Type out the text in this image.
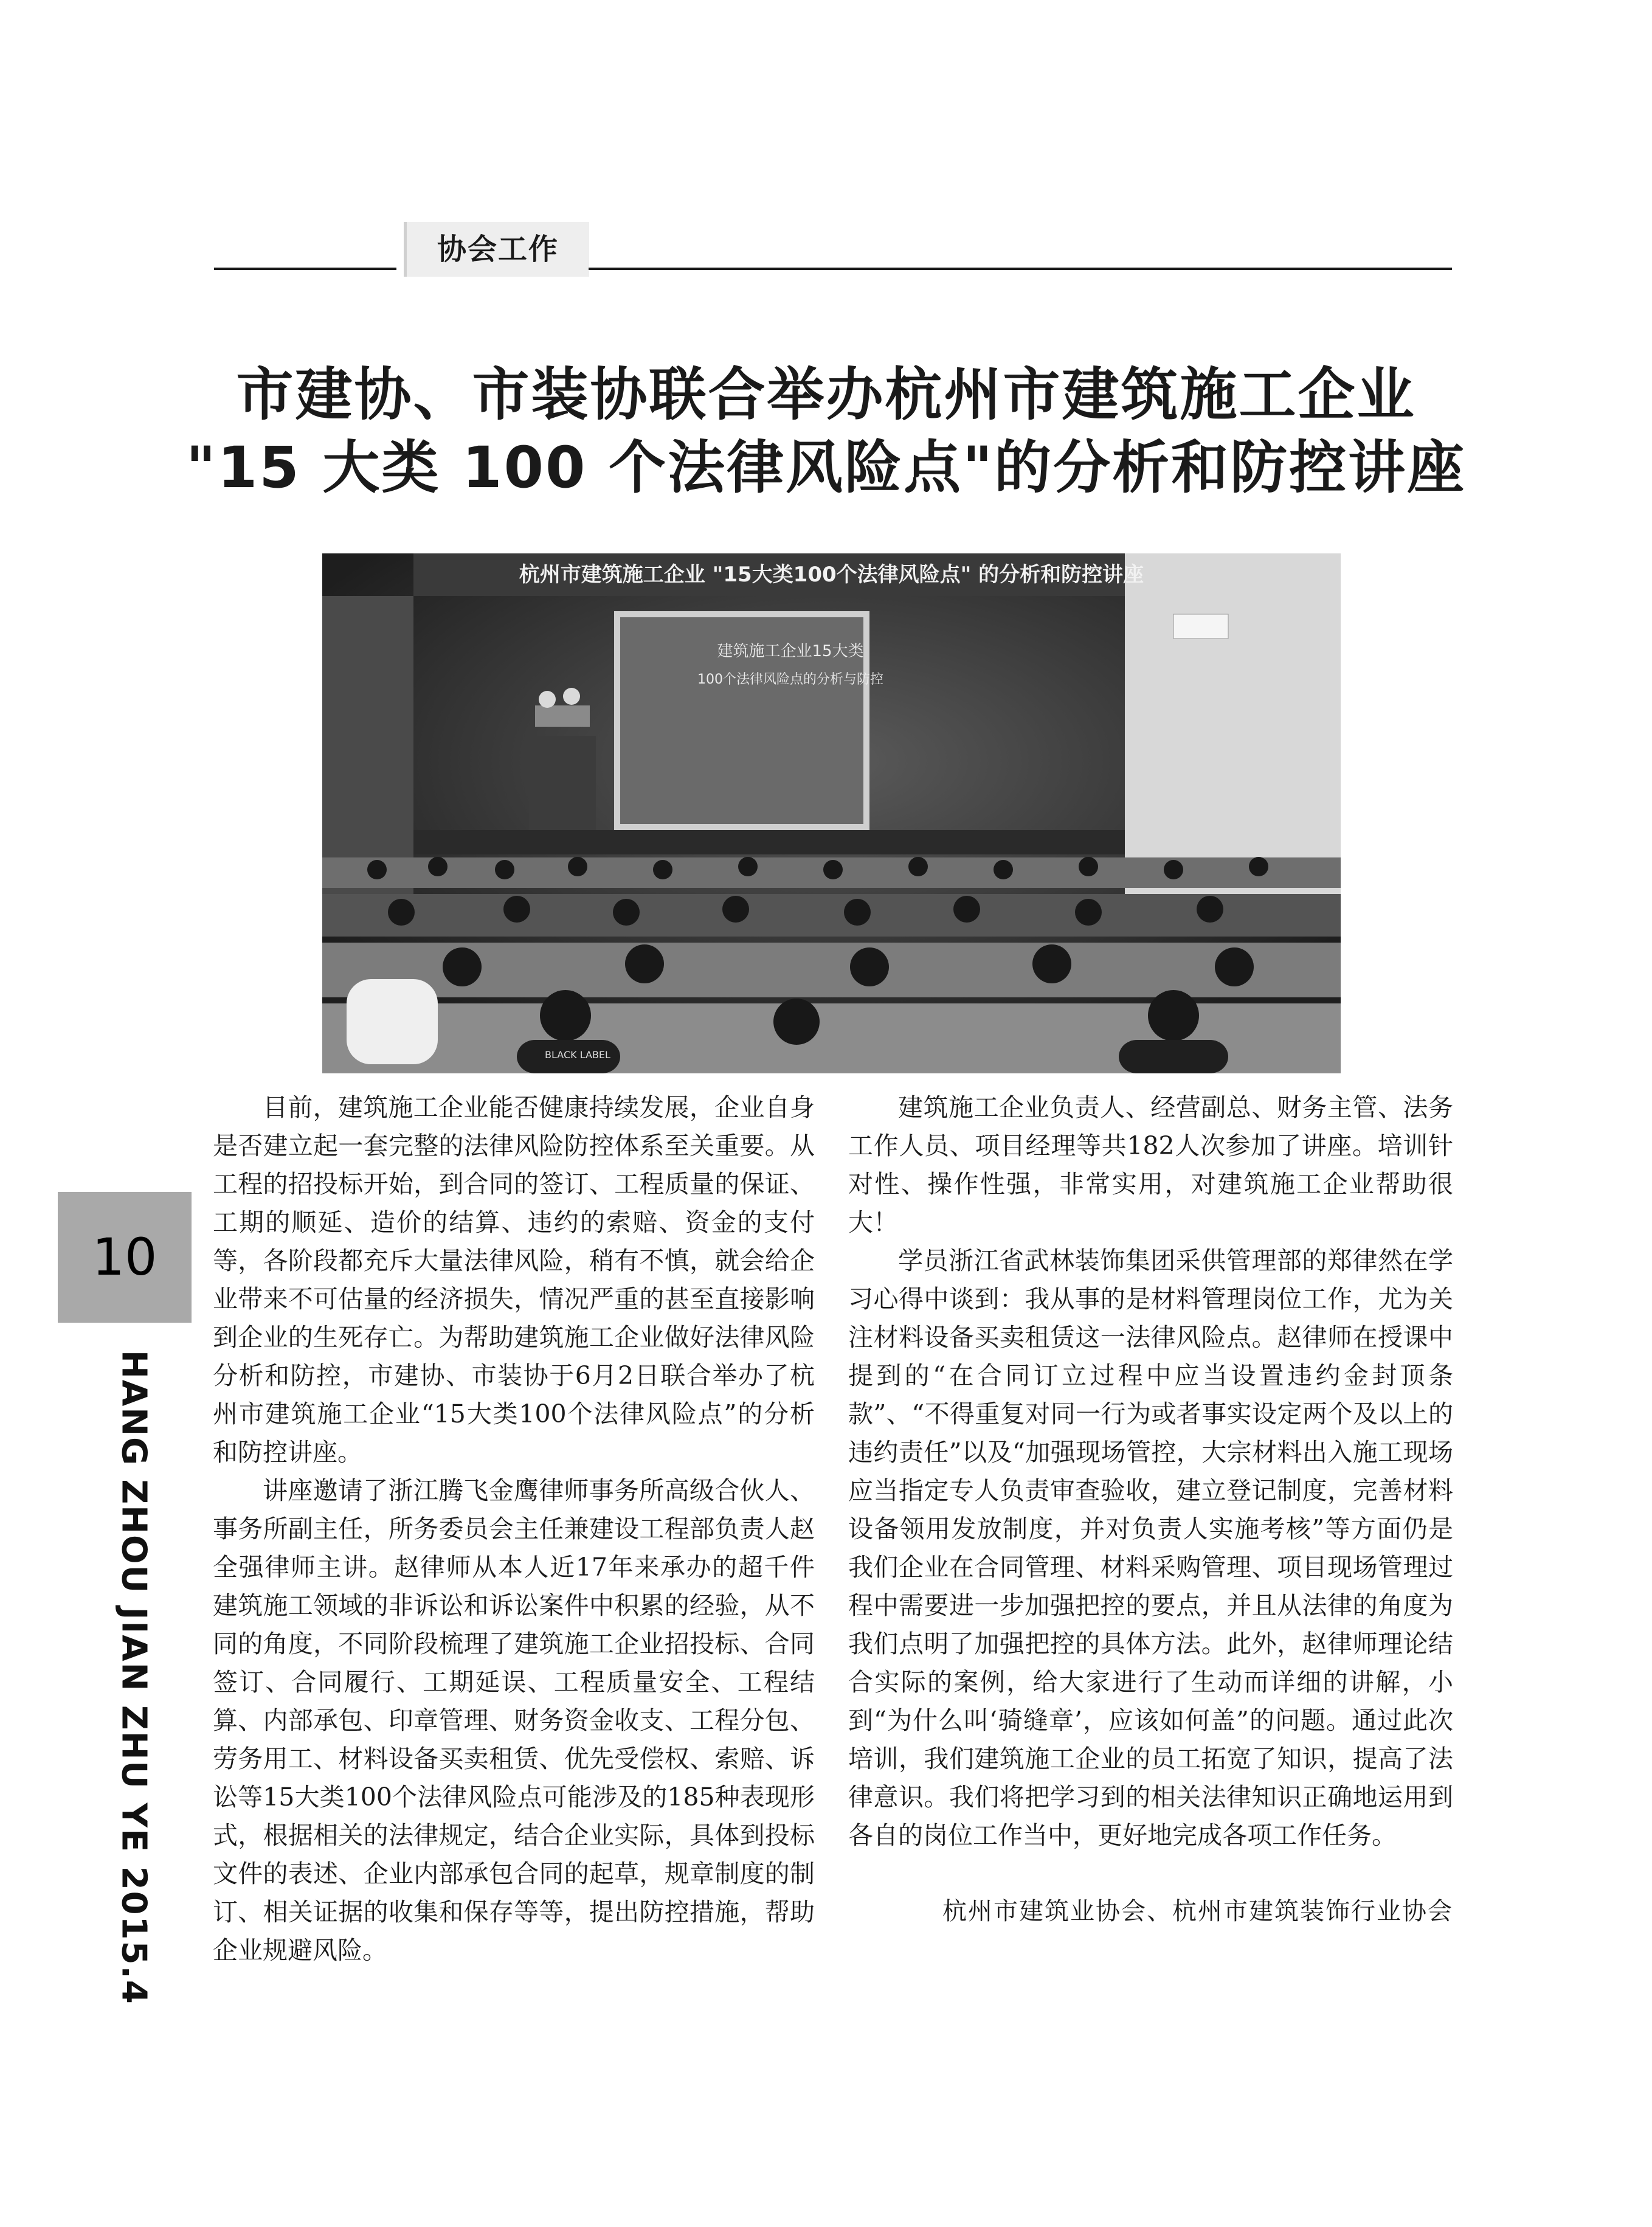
协会工作
市建协、市装协联合举办杭州市建筑施工企业
"15 大类 100 个法律风险点"的分析和防控讲座
杭州市建筑施工企业 "15大类100个法律风险点" 的分析和防控讲座
建筑施工企业15大类
100个法律风险点的分析与防控
BLACK LABEL
10
HANG ZHOU JIAN ZHU YE 2015.4

目前，建筑施工企业能否健康持续发展，企业自身是否建立起一套完整的法律风险防控体系至关重要。从工程的招投标开始，到合同的签订、工程质量的保证、工期的顺延、造价的结算、违约的索赔、资金的支付等，各阶段都充斥大量法律风险，稍有不慎，就会给企业带来不可估量的经济损失，情况严重的甚至直接影响到企业的生死存亡。为帮助建筑施工企业做好法律风险分析和防控，市建协、市装协于6月2日联合举办了杭州市建筑施工企业“15大类100个法律风险点”的分析和防控讲座。

讲座邀请了浙江腾飞金鹰律师事务所高级合伙人、事务所副主任，所务委员会主任兼建设工程部负责人赵全强律师主讲。赵律师从本人近17年来承办的超千件建筑施工领域的非诉讼和诉讼案件中积累的经验，从不同的角度，不同阶段梳理了建筑施工企业招投标、合同签订、合同履行、工期延误、工程质量安全、工程结算、内部承包、印章管理、财务资金收支、工程分包、劳务用工、材料设备买卖租赁、优先受偿权、索赔、诉讼等15大类100个法律风险点可能涉及的185种表现形式，根据相关的法律规定，结合企业实际，具体到投标文件的表述、企业内部承包合同的起草，规章制度的制订、相关证据的收集和保存等等，提出防控措施，帮助企业规避风险。

建筑施工企业负责人、经营副总、财务主管、法务工作人员、项目经理等共182人次参加了讲座。培训针对性、操作性强，非常实用，对建筑施工企业帮助很大！

学员浙江省武林装饰集团采供管理部的郑律然在学习心得中谈到：我从事的是材料管理岗位工作，尤为关注材料设备买卖租赁这一法律风险点。赵律师在授课中提到的“在合同订立过程中应当设置违约金封顶条款”、“不得重复对同一行为或者事实设定两个及以上的违约责任”以及“加强现场管控，大宗材料出入施工现场应当指定专人负责审查验收，建立登记制度，完善材料设备领用发放制度，并对负责人实施考核”等方面仍是我们企业在合同管理、材料采购管理、项目现场管理过程中需要进一步加强把控的要点，并且从法律的角度为我们点明了加强把控的具体方法。此外，赵律师理论结合实际的案例，给大家进行了生动而详细的讲解，小到“为什么叫‘骑缝章’，应该如何盖”的问题。通过此次培训，我们建筑施工企业的员工拓宽了知识，提高了法律意识。我们将把学习到的相关法律知识正确地运用到各自的岗位工作当中，更好地完成各项工作任务。

杭州市建筑业协会、杭州市建筑装饰行业协会
